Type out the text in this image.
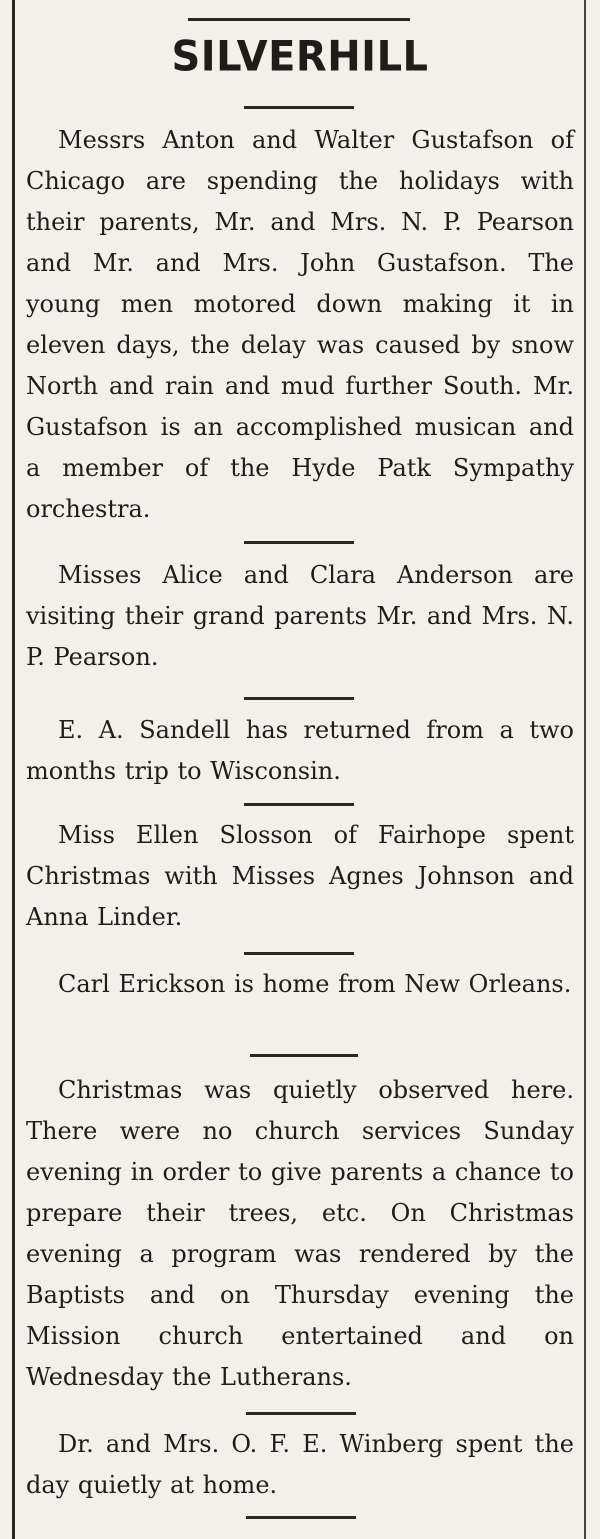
SILVERHILL
Messrs Anton and Walter Gustafson of Chicago are spending the holidays with their parents, Mr. and Mrs. N. P. Pearson and Mr. and Mrs. John Gustafson. The young men motored down making it in eleven days, the delay was caused by snow North and rain and mud further South. Mr. Gustafson is an accomplished musican and a member of the Hyde Patk Sympathy orchestra.
Misses Alice and Clara Anderson are visiting their grand parents Mr. and Mrs. N. P. Pearson.
E. A. Sandell has returned from a two months trip to Wisconsin.
Miss Ellen Slosson of Fairhope spent Christmas with Misses Agnes Johnson and Anna Linder.
Carl Erickson is home from New Orleans.
Christmas was quietly observed here. There were no church services Sunday evening in order to give parents a chance to prepare their trees, etc. On Christmas evening a program was rendered by the Baptists and on Thursday evening the Mission church entertained and on Wednesday the Lutherans.
Dr. and Mrs. O. F. E. Winberg spent the day quietly at home.
